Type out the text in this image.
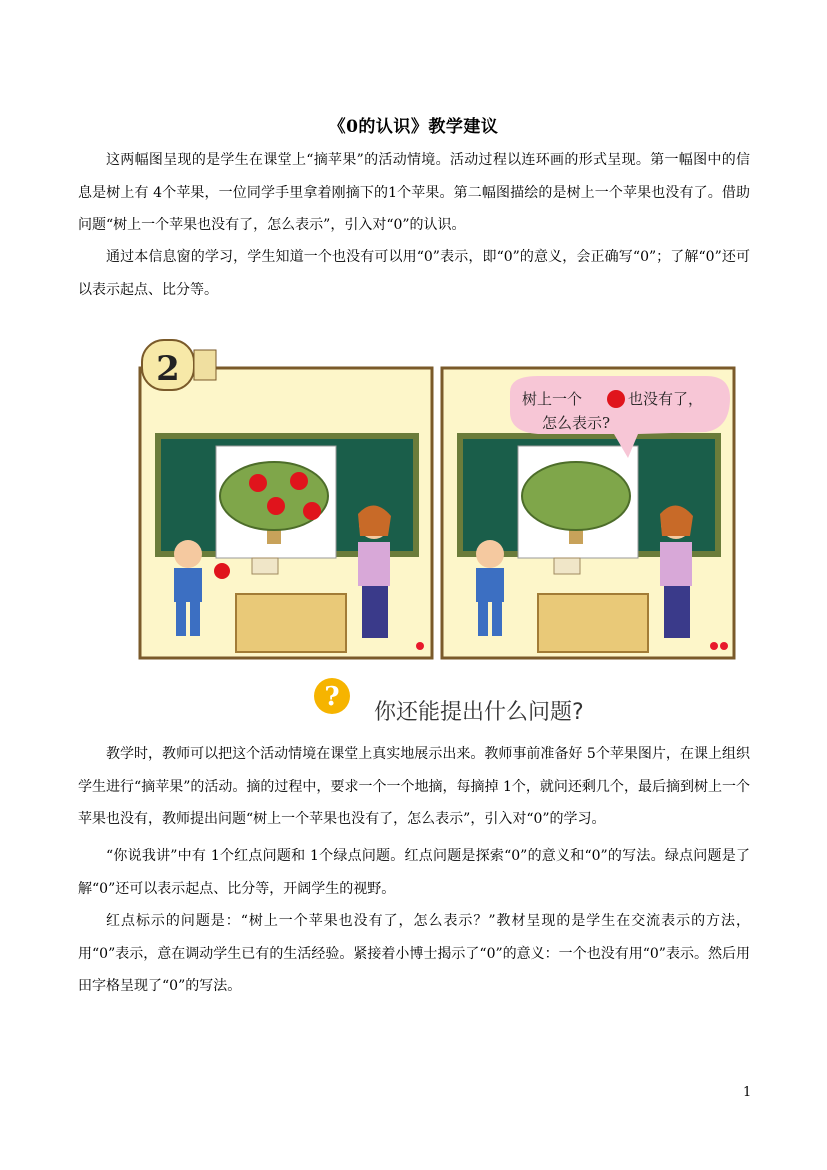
《0的认识》教学建议

这两幅图呈现的是学生在课堂上“摘苹果”的活动情境。活动过程以连环画的形式呈现。第一幅图中的信息是树上有 4个苹果，一位同学手里拿着刚摘下的1个苹果。第二幅图描绘的是树上一个苹果也没有了。借助问题“树上一个苹果也没有了，怎么表示”，引入对“0”的认识。

通过本信息窗的学习，学生知道一个也没有可以用“0”表示，即“0”的意义，会正确写“0”；了解“0”还可以表示起点、比分等。

2
?
你还能提出什么问题?
树上一个	也没有了，
怎么表示?

教学时，教师可以把这个活动情境在课堂上真实地展示出来。教师事前准备好 5个苹果图片，在课上组织学生进行“摘苹果”的活动。摘的过程中，要求一个一个地摘，每摘掉 1个，就问还剩几个，最后摘到树上一个苹果也没有，教师提出问题“树上一个苹果也没有了，怎么表示”，引入对“0”的学习。

“你说我讲”中有 1个红点问题和 1个绿点问题。红点问题是探索“0”的意义和“0”的写法。绿点问题是了解“0”还可以表示起点、比分等，开阔学生的视野。

红点标示的问题是：“树上一个苹果也没有了，怎么表示？”教材呈现的是学生在交流表示的方法，用“0”表示，意在调动学生已有的生活经验。紧接着小博士揭示了“0”的意义：一个也没有用“0”表示。然后用田字格呈现了“0”的写法。

1
